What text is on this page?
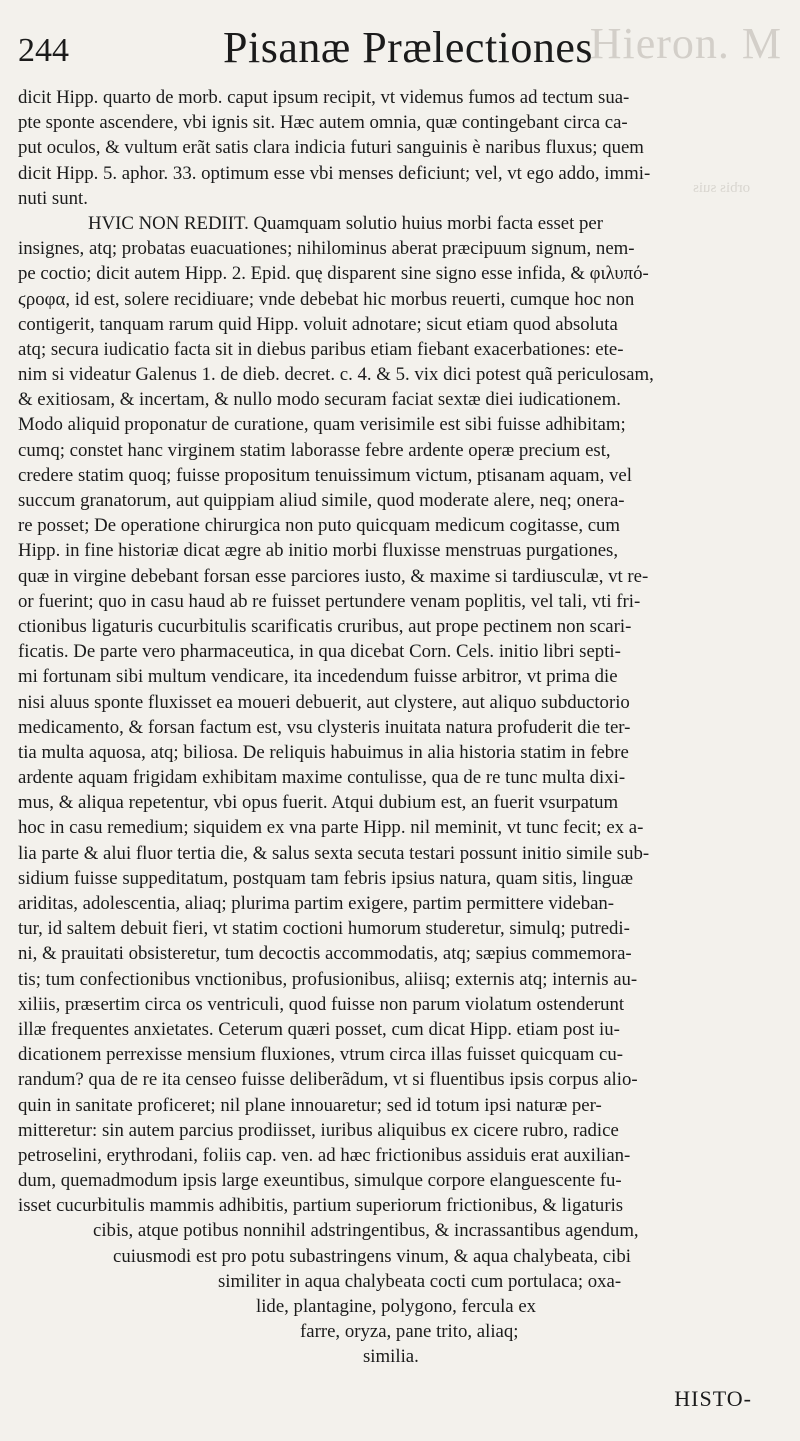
Hieron. M
orbis suis
244	Pisanæ Prælectiones
dicit Hipp. quarto de morb. caput ipsum recipit, vt videmus fumos ad tectum sua-
pte sponte ascendere, vbi ignis sit. Hæc autem omnia, quæ contingebant circa ca-
put oculos, & vultum erãt satis clara indicia futuri sanguinis è naribus fluxus; quem
dicit Hipp. 5. aphor. 33. optimum esse vbi menses deficiunt; vel, vt ego addo, immi-
nuti sunt.
HVIC NON REDIIT. Quamquam solutio huius morbi facta esset per
insignes, atq; probatas euacuationes; nihilominus aberat præcipuum signum, nem-
pe coctio; dicit autem Hipp. 2. Epid. quę disparent sine signo esse infida, & φιλυπό-
ϛροφα, id est, solere recidiuare; vnde debebat hic morbus reuerti, cumque hoc non
contigerit, tanquam rarum quid Hipp. voluit adnotare; sicut etiam quod absoluta
atq; secura iudicatio facta sit in diebus paribus etiam fiebant exacerbationes: ete-
nim si videatur Galenus 1. de dieb. decret. c. 4. & 5. vix dici potest quã periculosam,
& exitiosam, & incertam, & nullo modo securam faciat sextæ diei iudicationem.
Modo aliquid proponatur de curatione, quam verisimile est sibi fuisse adhibitam;
cumq; constet hanc virginem statim laborasse febre ardente operæ precium est,
credere statim quoq; fuisse propositum tenuissimum victum, ptisanam aquam, vel
succum granatorum, aut quippiam aliud simile, quod moderate alere, neq; onera-
re posset; De operatione chirurgica non puto quicquam medicum cogitasse, cum
Hipp. in fine historiæ dicat ægre ab initio morbi fluxisse menstruas purgationes,
quæ in virgine debebant forsan esse parciores iusto, & maxime si tardiusculæ, vt re-
or fuerint; quo in casu haud ab re fuisset pertundere venam poplitis, vel tali, vti fri-
ctionibus ligaturis cucurbitulis scarificatis cruribus, aut prope pectinem non scari-
ficatis. De parte vero pharmaceutica, in qua dicebat Corn. Cels. initio libri septi-
mi fortunam sibi multum vendicare, ita incedendum fuisse arbitror, vt prima die
nisi aluus sponte fluxisset ea moueri debuerit, aut clystere, aut aliquo subductorio
medicamento, & forsan factum est, vsu clysteris inuitata natura profuderit die ter-
tia multa aquosa, atq; biliosa. De reliquis habuimus in alia historia statim in febre
ardente aquam frigidam exhibitam maxime contulisse, qua de re tunc multa dixi-
mus, & aliqua repetentur, vbi opus fuerit. Atqui dubium est, an fuerit vsurpatum
hoc in casu remedium; siquidem ex vna parte Hipp. nil meminit, vt tunc fecit; ex a-
lia parte & alui fluor tertia die, & salus sexta secuta testari possunt initio simile sub-
sidium fuisse suppeditatum, postquam tam febris ipsius natura, quam sitis, linguæ
ariditas, adolescentia, aliaq; plurima partim exigere, partim permittere videban-
tur, id saltem debuit fieri, vt statim coctioni humorum studeretur, simulq; putredi-
ni, & prauitati obsisteretur, tum decoctis accommodatis, atq; sæpius commemora-
tis; tum confectionibus vnctionibus, profusionibus, aliisq; externis atq; internis au-
xiliis, præsertim circa os ventriculi, quod fuisse non parum violatum ostenderunt
illæ frequentes anxietates. Ceterum quæri posset, cum dicat Hipp. etiam post iu-
dicationem perrexisse mensium fluxiones, vtrum circa illas fuisset quicquam cu-
randum? qua de re ita censeo fuisse deliberãdum, vt si fluentibus ipsis corpus alio-
quin in sanitate proficeret; nil plane innouaretur; sed id totum ipsi naturæ per-
mitteretur: sin autem parcius prodiisset, iuribus aliquibus ex cicere rubro, radice
petroselini, erythrodani, foliis cap. ven. ad hæc frictionibus assiduis erat auxilian-
dum, quemadmodum ipsis large exeuntibus, simulque corpore elanguescente fu-
isset cucurbitulis mammis adhibitis, partium superiorum frictionibus, & ligaturis
cibis, atque potibus nonnihil adstringentibus, & incrassantibus agendum,
cuiusmodi est pro potu subastringens vinum, & aqua chalybeata, cibi
similiter in aqua chalybeata cocti cum portulaca; oxa-
lide, plantagine, polygono, fercula ex
farre, oryza, pane trito, aliaq;
similia.
HISTO-
